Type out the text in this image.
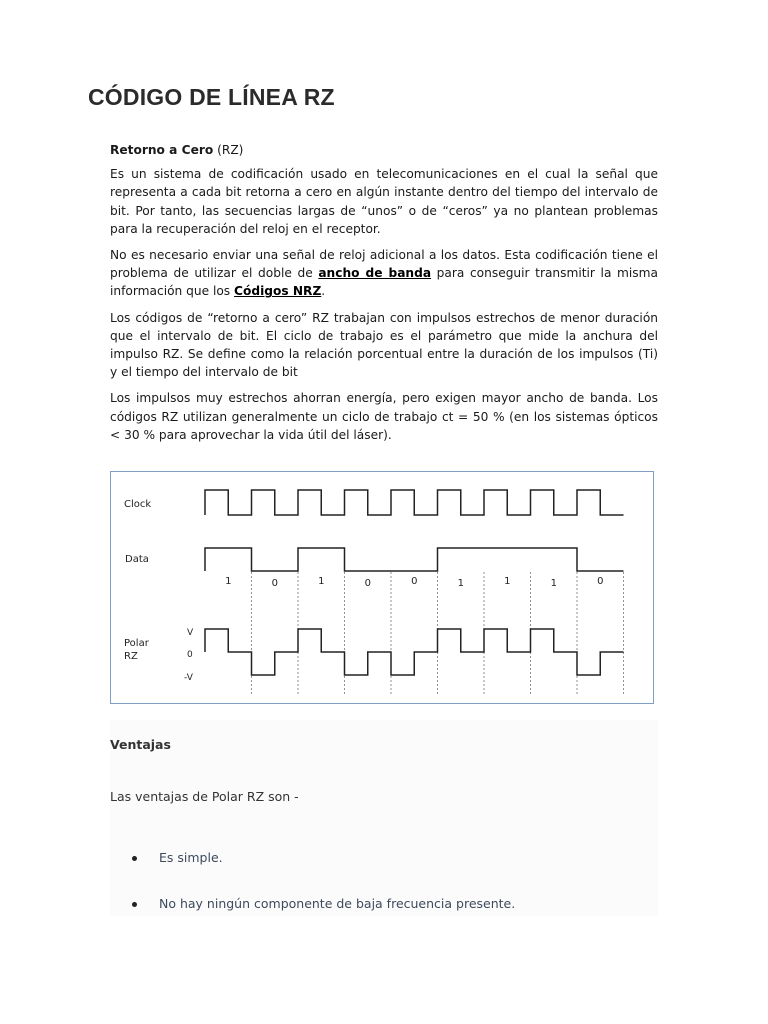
CÓDIGO DE LÍNEA RZ

Retorno a Cero (RZ)

Es un sistema de codificación usado en telecomunicaciones en el cual la señal que representa a cada bit retorna a cero en algún instante dentro del tiempo del intervalo de bit. Por tanto, las secuencias largas de “unos” o de “ceros” ya no plantean problemas para la recuperación del reloj en el receptor.

No es necesario enviar una señal de reloj adicional a los datos. Esta codificación tiene el problema de utilizar el doble de ancho de banda para conseguir transmitir la misma información que los Códigos NRZ.

Los códigos de “retorno a cero” RZ trabajan con impulsos estrechos de menor duración que el intervalo de bit. El ciclo de trabajo es el parámetro que mide la anchura del impulso RZ. Se define como la relación porcentual entre la duración de los impulsos (Ti) y el tiempo del intervalo de bit

Los impulsos muy estrechos ahorran energía, pero exigen mayor ancho de banda. Los códigos RZ utilizan generalmente un ciclo de trabajo ct = 50 % (en los sistemas ópticos < 30 % para aprovechar la vida útil del láser).

Clock
Data
Polar
RZ
V
0
-V
1	0	1	0	0	1	1	1	0

Ventajas

Las ventajas de Polar RZ son -

Es simple.
No hay ningún componente de baja frecuencia presente.
